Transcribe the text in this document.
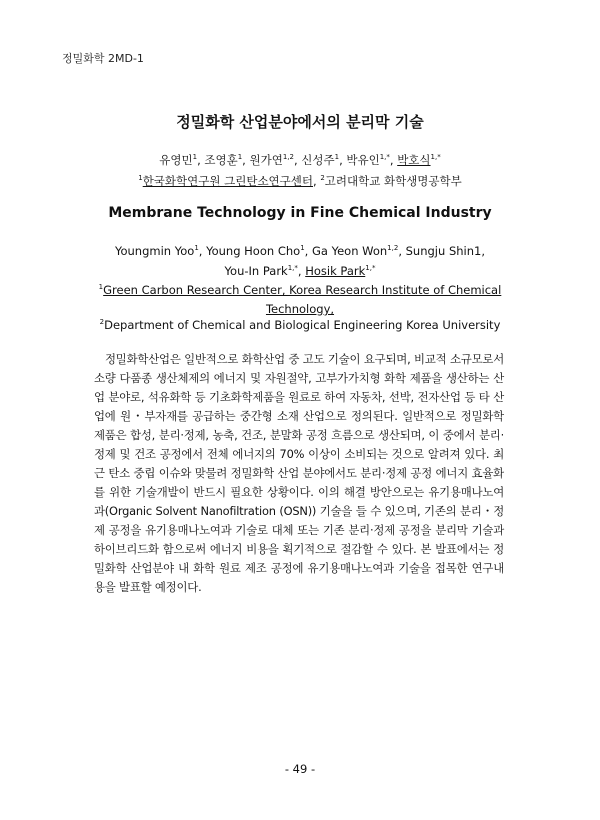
정밀화학 2MD-1
정밀화학 산업분야에서의 분리막 기술
유영민$^1$, 조영훈$^1$, 원가연$^{1,2}$, 신성주$^1$, 박유인$^{1,*}$, 박호식$^{1,*}$
$^1$한국화학연구원 그린탄소연구센터, $^2$고려대학교 화학생명공학부
Membrane Technology in Fine Chemical Industry
Youngmin Yoo$^1$, Young Hoon Cho$^1$, Ga Yeon Won$^{1,2}$, Sungju Shin1,
You-In Park$^{1,*}$, Hosik Park$^{1,*}$
$^1$Green Carbon Research Center, Korea Research Institute of Chemical
Technology,
$^2$Department of Chemical and Biological Engineering Korea University
정밀화학산업은 일반적으로 화학산업 중 고도 기술이 요구되며, 비교적 소규모로서 소량 다품종 생산체제의 에너지 및 자원절약, 고부가가치형 화학 제품을 생산하는 산업 분야로, 석유화학 등 기초화학제품을 원료로 하여 자동차, 선박, 전자산업 등 타 산업에 원・부자재를 공급하는 중간형 소재 산업으로 정의된다. 일반적으로 정밀화학 제품은 합성, 분리·정제, 농축, 건조, 분말화 공정 흐름으로 생산되며, 이 중에서 분리·정제 및 건조 공정에서 전체 에너지의 70% 이상이 소비되는 것으로 알려져 있다. 최근 탄소 중립 이슈와 맞물려 정밀화학 산업 분야에서도 분리·정제 공정 에너지 효율화를 위한 기술개발이 반드시 필요한 상황이다. 이의 해결 방안으로는 유기용매나노여과(Organic Solvent Nanofiltration (OSN)) 기술을 들 수 있으며, 기존의 분리・정제 공정을 유기용매나노여과 기술로 대체 또는 기존 분리·정제 공정을 분리막 기술과 하이브리드화 함으로써 에너지 비용을 획기적으로 절감할 수 있다. 본 발표에서는 정밀화학 산업분야 내 화학 원료 제조 공정에 유기용매나노여과 기술을 접목한 연구내용을 발표할 예정이다.
- 49 -
